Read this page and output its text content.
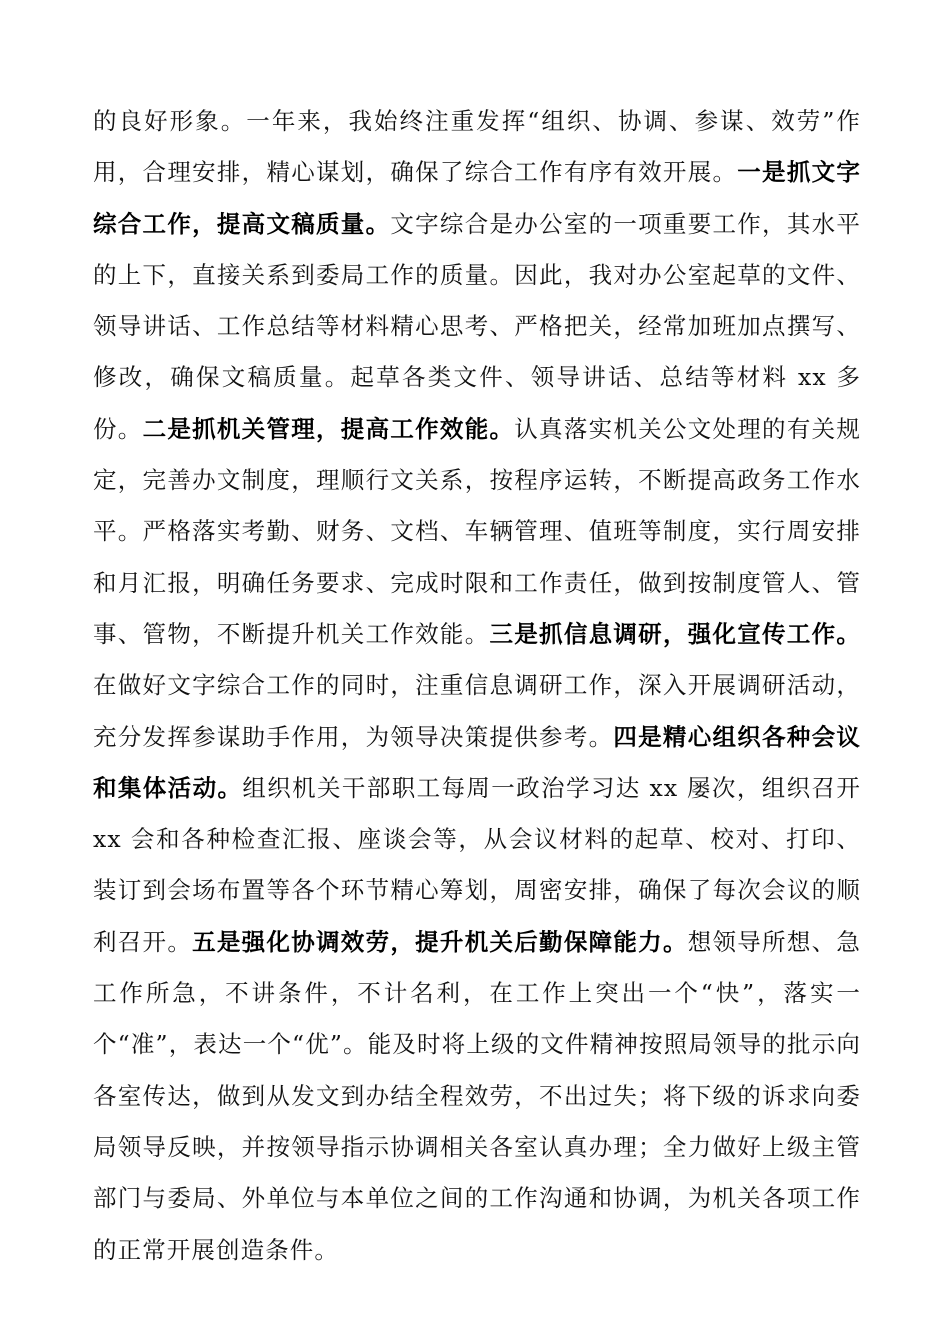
的良好形象。一年来，我始终注重发挥“组织、协调、参谋、效劳”作用，合理安排，精心谋划，确保了综合工作有序有效开展。一是抓文字综合工作，提高文稿质量。文字综合是办公室的一项重要工作，其水平的上下，直接关系到委局工作的质量。因此，我对办公室起草的文件、领导讲话、工作总结等材料精心思考、严格把关，经常加班加点撰写、修改，确保文稿质量。起草各类文件、领导讲话、总结等材料 xx 多份。二是抓机关管理，提高工作效能。认真落实机关公文处理的有关规定，完善办文制度，理顺行文关系，按程序运转，不断提高政务工作水平。严格落实考勤、财务、文档、车辆管理、值班等制度，实行周安排和月汇报，明确任务要求、完成时限和工作责任，做到按制度管人、管事、管物，不断提升机关工作效能。三是抓信息调研，强化宣传工作。在做好文字综合工作的同时，注重信息调研工作，深入开展调研活动，充分发挥参谋助手作用，为领导决策提供参考。四是精心组织各种会议和集体活动。组织机关干部职工每周一政治学习达 xx 屡次，组织召开 xx 会和各种检查汇报、座谈会等，从会议材料的起草、校对、打印、装订到会场布置等各个环节精心筹划，周密安排，确保了每次会议的顺利召开。五是强化协调效劳，提升机关后勤保障能力。想领导所想、急工作所急，不讲条件，不计名利，在工作上突出一个“快”，落实一个“准”，表达一个“优”。能及时将上级的文件精神按照局领导的批示向各室传达，做到从发文到办结全程效劳，不出过失；将下级的诉求向委局领导反映，并按领导指示协调相关各室认真办理；全力做好上级主管部门与委局、外单位与本单位之间的工作沟通和协调，为机关各项工作的正常开展创造条件。
